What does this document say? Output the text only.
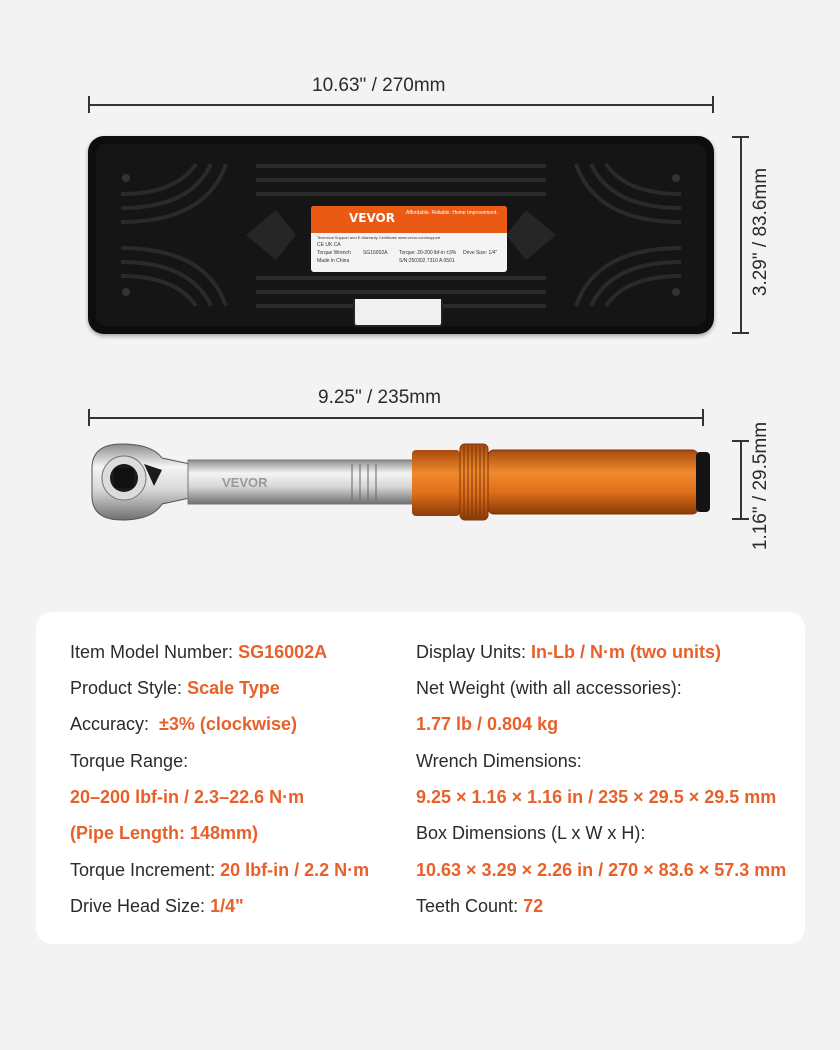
10.63" / 270mm
3.29" / 83.6mm
VEVOR Affordable. Reliable. Home Improvement.
Technical Support and E-Warranty Certificate www.vevor.com/support
CE UK CA
Torque Wrench SG16002A Torque: 20-200 lbf-in ±3% Drive Size: 1/4"
Made in China	S/N:250302 7310 A 0501
9.25" / 235mm
1.16" / 29.5mm
VEVOR
Item Model Number: SG16002A
Product Style: Scale Type
Accuracy:  ±3% (clockwise)
Torque Range:
20–200 lbf-in / 2.3–22.6 N·m
(Pipe Length: 148mm)
Torque Increment: 20 lbf-in / 2.2 N·m
Drive Head Size: 1/4"
Display Units: In-Lb / N·m (two units)
Net Weight (with all accessories):
1.77 lb / 0.804 kg
Wrench Dimensions:
9.25 × 1.16 × 1.16 in / 235 × 29.5 × 29.5 mm
Box Dimensions (L x W x H):
10.63 × 3.29 × 2.26 in / 270 × 83.6 × 57.3 mm
Teeth Count: 72
